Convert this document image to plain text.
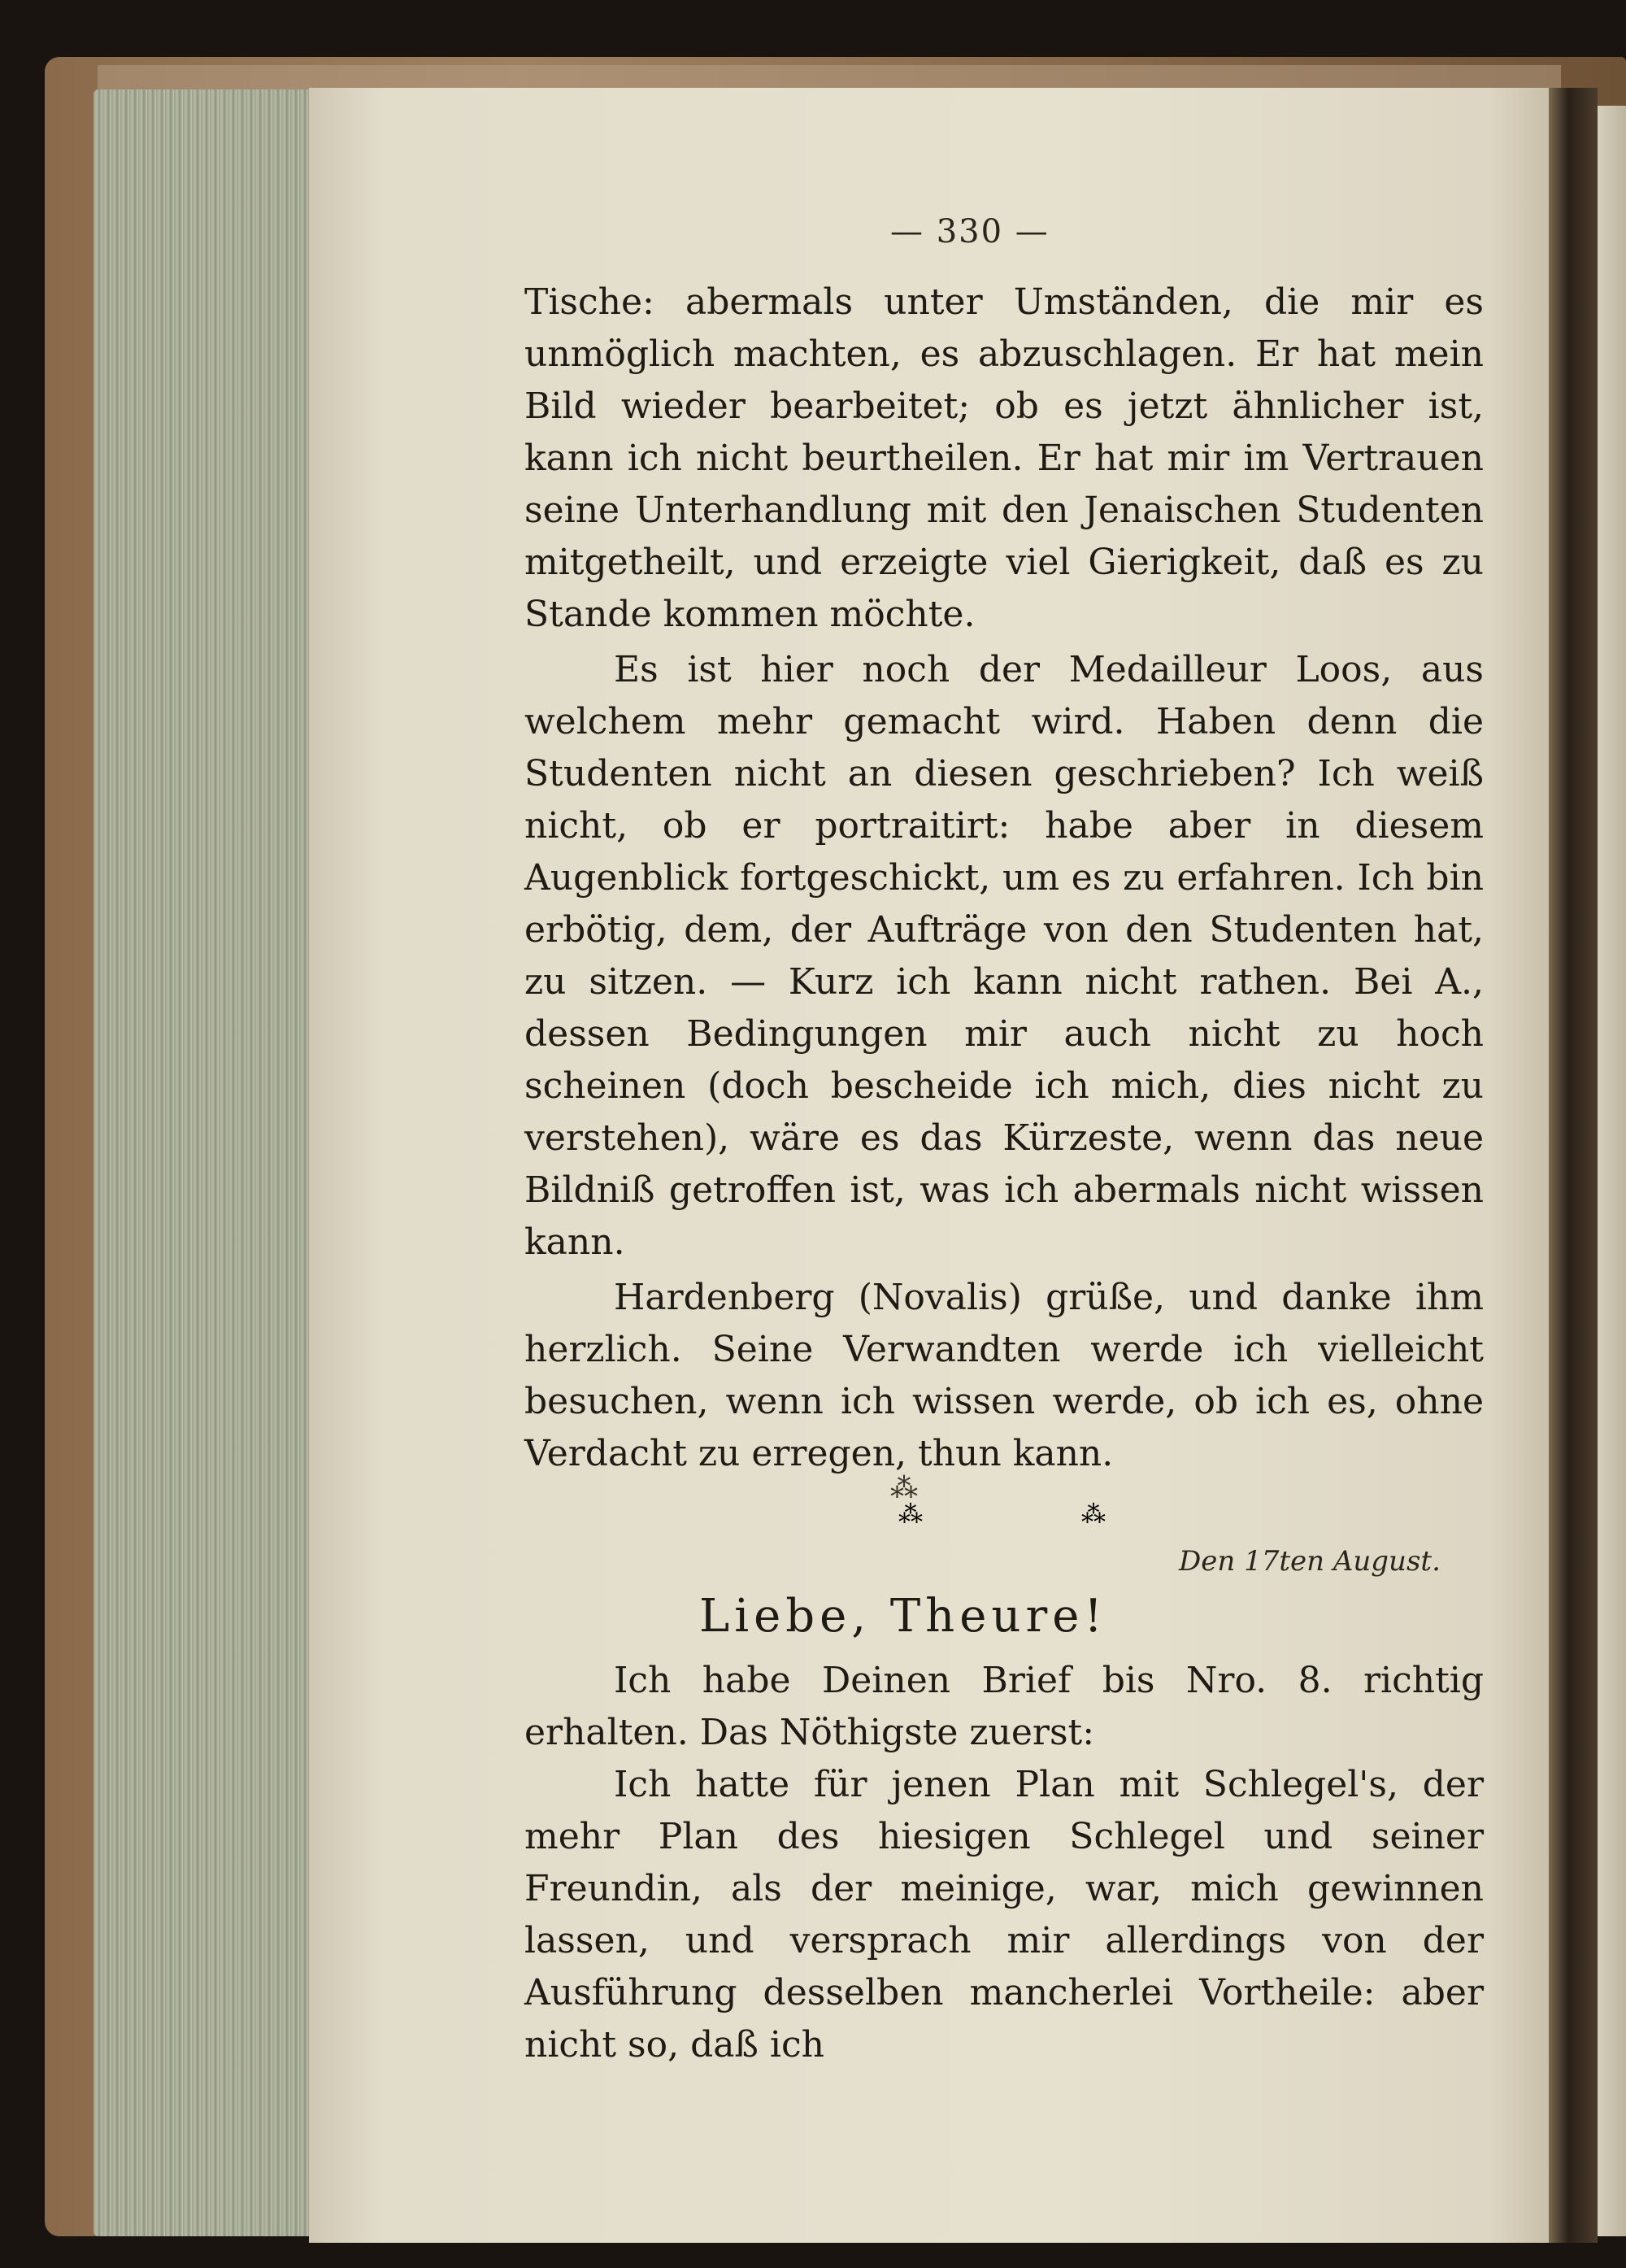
— 330 —

Tische: abermals unter Umständen, die mir es unmöglich machten, es abzuschlagen. Er hat mein Bild wieder bearbeitet; ob es jetzt ähnlicher ist, kann ich nicht beurtheilen. Er hat mir im Vertrauen seine Unterhandlung mit den Jenaischen Studenten mitgetheilt, und erzeigte viel Gierigkeit, daß es zu Stande kommen möchte.

Es ist hier noch der Medailleur Loos, aus welchem mehr gemacht wird. Haben denn die Studenten nicht an diesen geschrieben? Ich weiß nicht, ob er portraitirt: habe aber in diesem Augenblick fortgeschickt, um es zu erfahren. Ich bin erbötig, dem, der Aufträge von den Studenten hat, zu sitzen. — Kurz ich kann nicht rathen. Bei A., dessen Bedingungen mir auch nicht zu hoch scheinen (doch bescheide ich mich, dies nicht zu verstehen), wäre es das Kürzeste, wenn das neue Bildniß getroffen ist, was ich abermals nicht wissen kann.

Hardenberg (Novalis) grüße, und danke ihm herzlich. Seine Verwandten werde ich vielleicht besuchen, wenn ich wissen werde, ob ich es, ohne Verdacht zu erregen, thun kann.

⁂
⁂	⁂
Den 17ten August.
Liebe, Theure!

Ich habe Deinen Brief bis Nro. 8. richtig erhalten. Das Nöthigste zuerst:

Ich hatte für jenen Plan mit Schlegel's, der mehr Plan des hiesigen Schlegel und seiner Freundin, als der meinige, war, mich gewinnen lassen, und versprach mir allerdings von der Ausführung desselben mancherlei Vortheile: aber nicht so, daß ich
